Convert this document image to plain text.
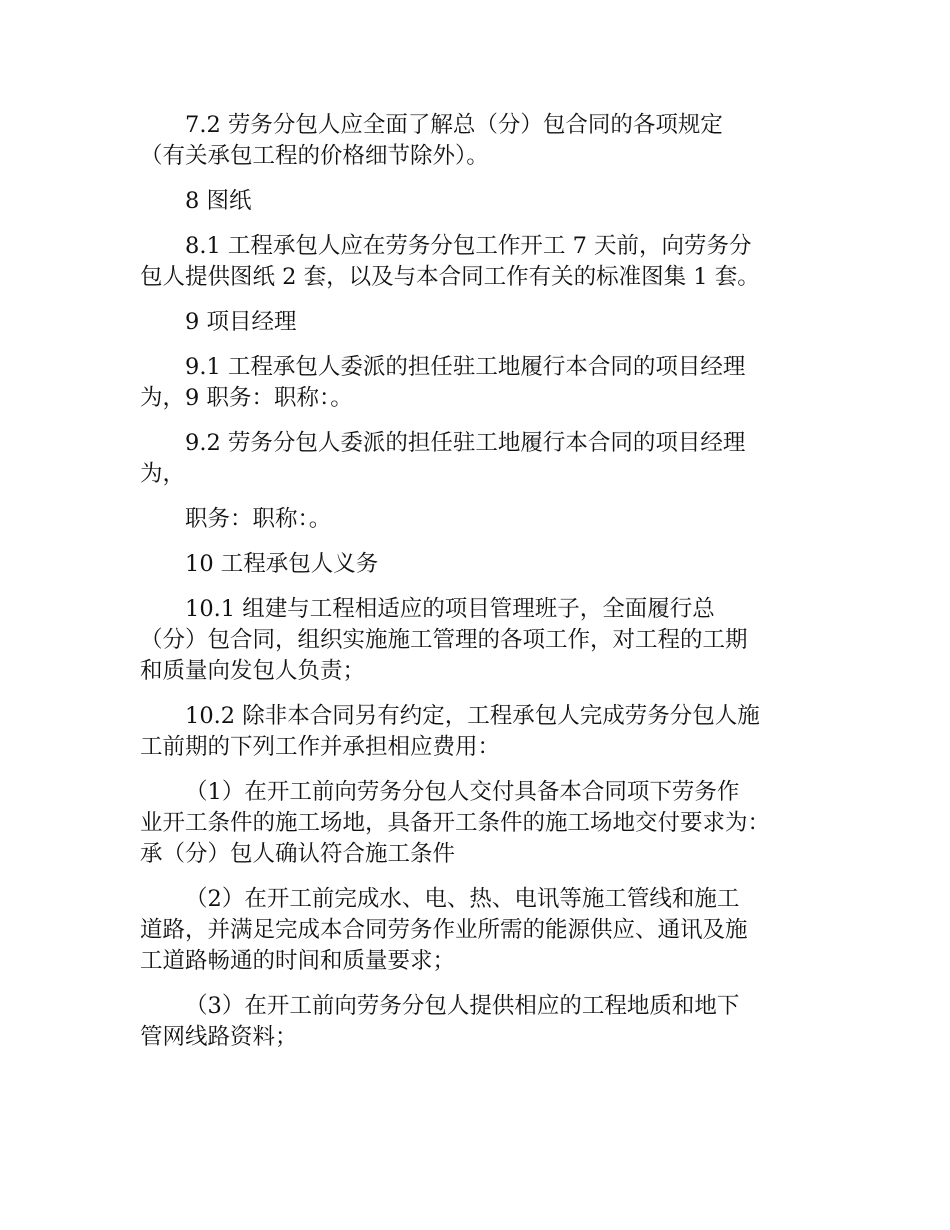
7.2 劳务分包人应全面了解总（分）包合同的各项规定
（有关承包工程的价格细节除外）。

8 图纸

8.1 工程承包人应在劳务分包工作开工 7 天前，向劳务分
包人提供图纸 2 套，以及与本合同工作有关的标准图集 1 套。

9 项目经理

9.1 工程承包人委派的担任驻工地履行本合同的项目经理
为，9 职务：职称：。

9.2 劳务分包人委派的担任驻工地履行本合同的项目经理
为，

职务：职称：。

10 工程承包人义务

10.1 组建与工程相适应的项目管理班子，全面履行总
（分）包合同，组织实施施工管理的各项工作，对工程的工期
和质量向发包人负责；

10.2 除非本合同另有约定，工程承包人完成劳务分包人施
工前期的下列工作并承担相应费用：

（1）在开工前向劳务分包人交付具备本合同项下劳务作
业开工条件的施工场地，具备开工条件的施工场地交付要求为：
承（分）包人确认符合施工条件

（2）在开工前完成水、电、热、电讯等施工管线和施工
道路，并满足完成本合同劳务作业所需的能源供应、通讯及施
工道路畅通的时间和质量要求；

（3）在开工前向劳务分包人提供相应的工程地质和地下
管网线路资料；
